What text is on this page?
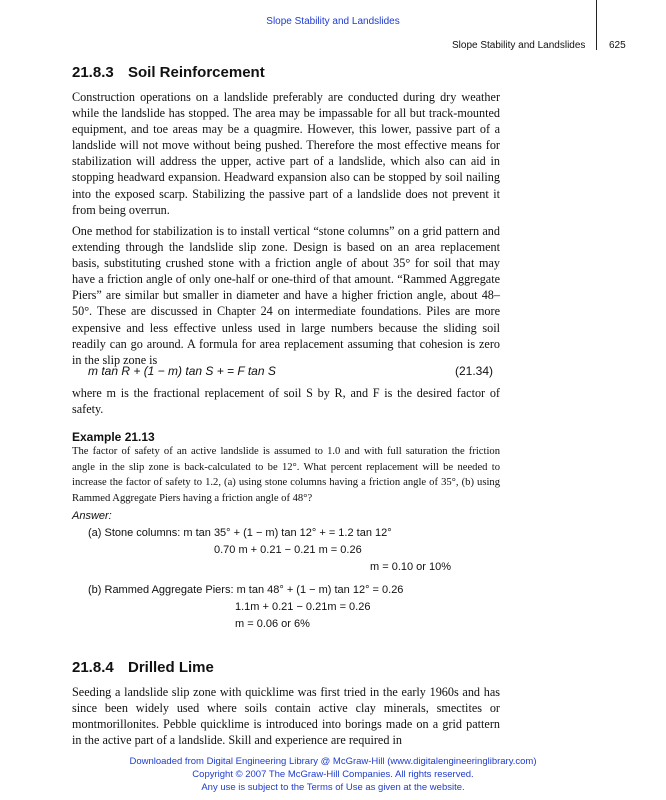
Slope Stability and Landslides
Slope Stability and Landslides 625
21.8.3 Soil Reinforcement
Construction operations on a landslide preferably are conducted during dry weather while the landslide has stopped. The area may be impassable for all but track-mounted equipment, and toe areas may be a quagmire. However, this lower, passive part of a landslide will not move without being pushed. Therefore the most effective means for stabilization will address the upper, active part of a landslide, which also can aid in stopping headward expansion. Headward expansion also can be stopped by soil nailing into the exposed scarp. Stabilizing the passive part of a landslide does not prevent it from being overrun.
One method for stabilization is to install vertical “stone columns” on a grid pattern and extending through the landslide slip zone. Design is based on an area replacement basis, substituting crushed stone with a friction angle of about 35° for soil that may have a friction angle of only one-half or one-third of that amount. “Rammed Aggregate Piers” are similar but smaller in diameter and have a higher friction angle, about 48–50°. These are discussed in Chapter 24 on intermediate foundations. Piles are more expensive and less effective unless used in large numbers because the sliding soil readily can go around. A formula for area replacement assuming that cohesion is zero in the slip zone is
m tan R + (1 − m) tan S + = F tan S	(21.34)
where m is the fractional replacement of soil S by R, and F is the desired factor of safety.
Example 21.13
The factor of safety of an active landslide is assumed to 1.0 and with full saturation the friction angle in the slip zone is back-calculated to be 12°. What percent replacement will be needed to increase the factor of safety to 1.2, (a) using stone columns having a friction angle of 35°, (b) using Rammed Aggregate Piers having a friction angle of 48°?
Answer:
(a) Stone columns: m tan 35° + (1 − m) tan 12° + = 1.2 tan 12°
0.70 m + 0.21 − 0.21 m = 0.26
m = 0.10 or 10%
(b) Rammed Aggregate Piers: m tan 48° + (1 − m) tan 12° = 0.26
1.1m + 0.21 − 0.21m = 0.26
m = 0.06 or 6%
21.8.4 Drilled Lime
Seeding a landslide slip zone with quicklime was first tried in the early 1960s and has since been widely used where soils contain active clay minerals, smectites or montmorillonites. Pebble quicklime is introduced into borings made on a grid pattern in the active part of a landslide. Skill and experience are required in
Downloaded from Digital Engineering Library @ McGraw-Hill (www.digitalengineeringlibrary.com)
Copyright © 2007 The McGraw-Hill Companies. All rights reserved.
Any use is subject to the Terms of Use as given at the website.
